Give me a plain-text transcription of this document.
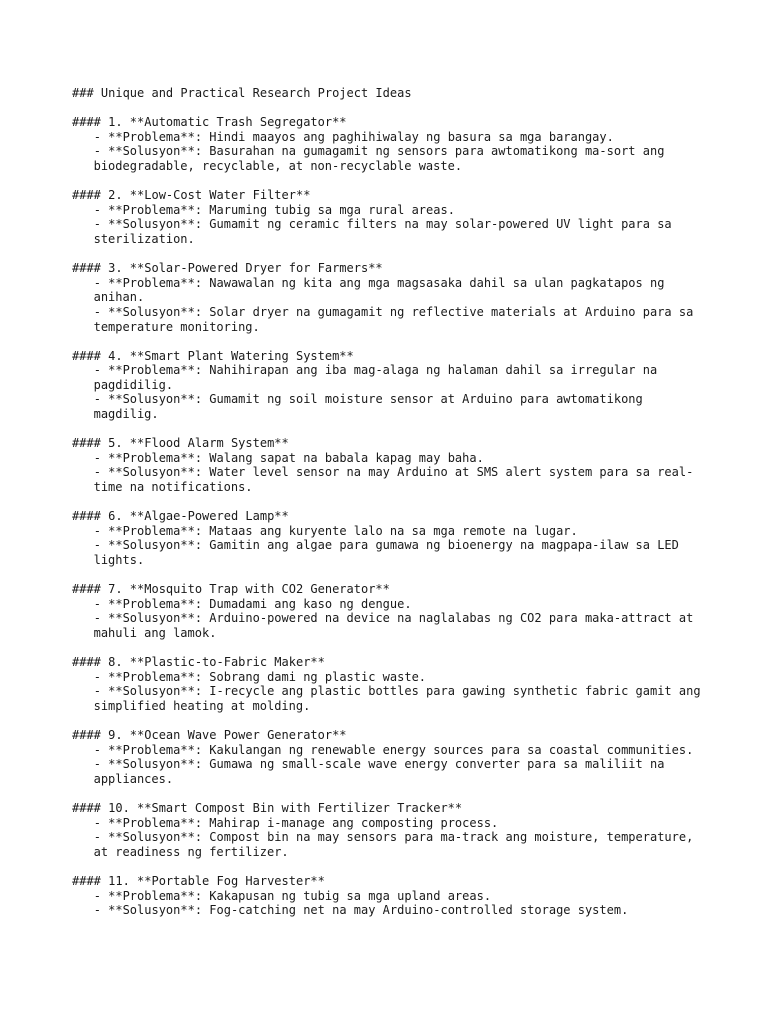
### Unique and Practical Research Project Ideas
#### 1. **Automatic Trash Segregator**
- **Problema**: Hindi maayos ang paghihiwalay ng basura sa mga barangay.
- **Solusyon**: Basurahan na gumagamit ng sensors para awtomatikong ma-sort ang biodegradable, recyclable, at non-recyclable waste.
#### 2. **Low-Cost Water Filter**
- **Problema**: Maruming tubig sa mga rural areas.
- **Solusyon**: Gumamit ng ceramic filters na may solar-powered UV light para sa sterilization.
#### 3. **Solar-Powered Dryer for Farmers**
- **Problema**: Nawawalan ng kita ang mga magsasaka dahil sa ulan pagkatapos ng anihan.
- **Solusyon**: Solar dryer na gumagamit ng reflective materials at Arduino para sa temperature monitoring.
#### 4. **Smart Plant Watering System**
- **Problema**: Nahihirapan ang iba mag-alaga ng halaman dahil sa irregular na pagdidilig.
- **Solusyon**: Gumamit ng soil moisture sensor at Arduino para awtomatikong magdilig.
#### 5. **Flood Alarm System**
- **Problema**: Walang sapat na babala kapag may baha.
- **Solusyon**: Water level sensor na may Arduino at SMS alert system para sa real-time na notifications.
#### 6. **Algae-Powered Lamp**
- **Problema**: Mataas ang kuryente lalo na sa mga remote na lugar.
- **Solusyon**: Gamitin ang algae para gumawa ng bioenergy na magpapa-ilaw sa LED lights.
#### 7. **Mosquito Trap with CO2 Generator**
- **Problema**: Dumadami ang kaso ng dengue.
- **Solusyon**: Arduino-powered na device na naglalabas ng CO2 para maka-attract at mahuli ang lamok.
#### 8. **Plastic-to-Fabric Maker**
- **Problema**: Sobrang dami ng plastic waste.
- **Solusyon**: I-recycle ang plastic bottles para gawing synthetic fabric gamit ang simplified heating at molding.
#### 9. **Ocean Wave Power Generator**
- **Problema**: Kakulangan ng renewable energy sources para sa coastal communities.
- **Solusyon**: Gumawa ng small-scale wave energy converter para sa maliliit na appliances.
#### 10. **Smart Compost Bin with Fertilizer Tracker**
- **Problema**: Mahirap i-manage ang composting process.
- **Solusyon**: Compost bin na may sensors para ma-track ang moisture, temperature, at readiness ng fertilizer.
#### 11. **Portable Fog Harvester**
- **Problema**: Kakapusan ng tubig sa mga upland areas.
- **Solusyon**: Fog-catching net na may Arduino-controlled storage system.
